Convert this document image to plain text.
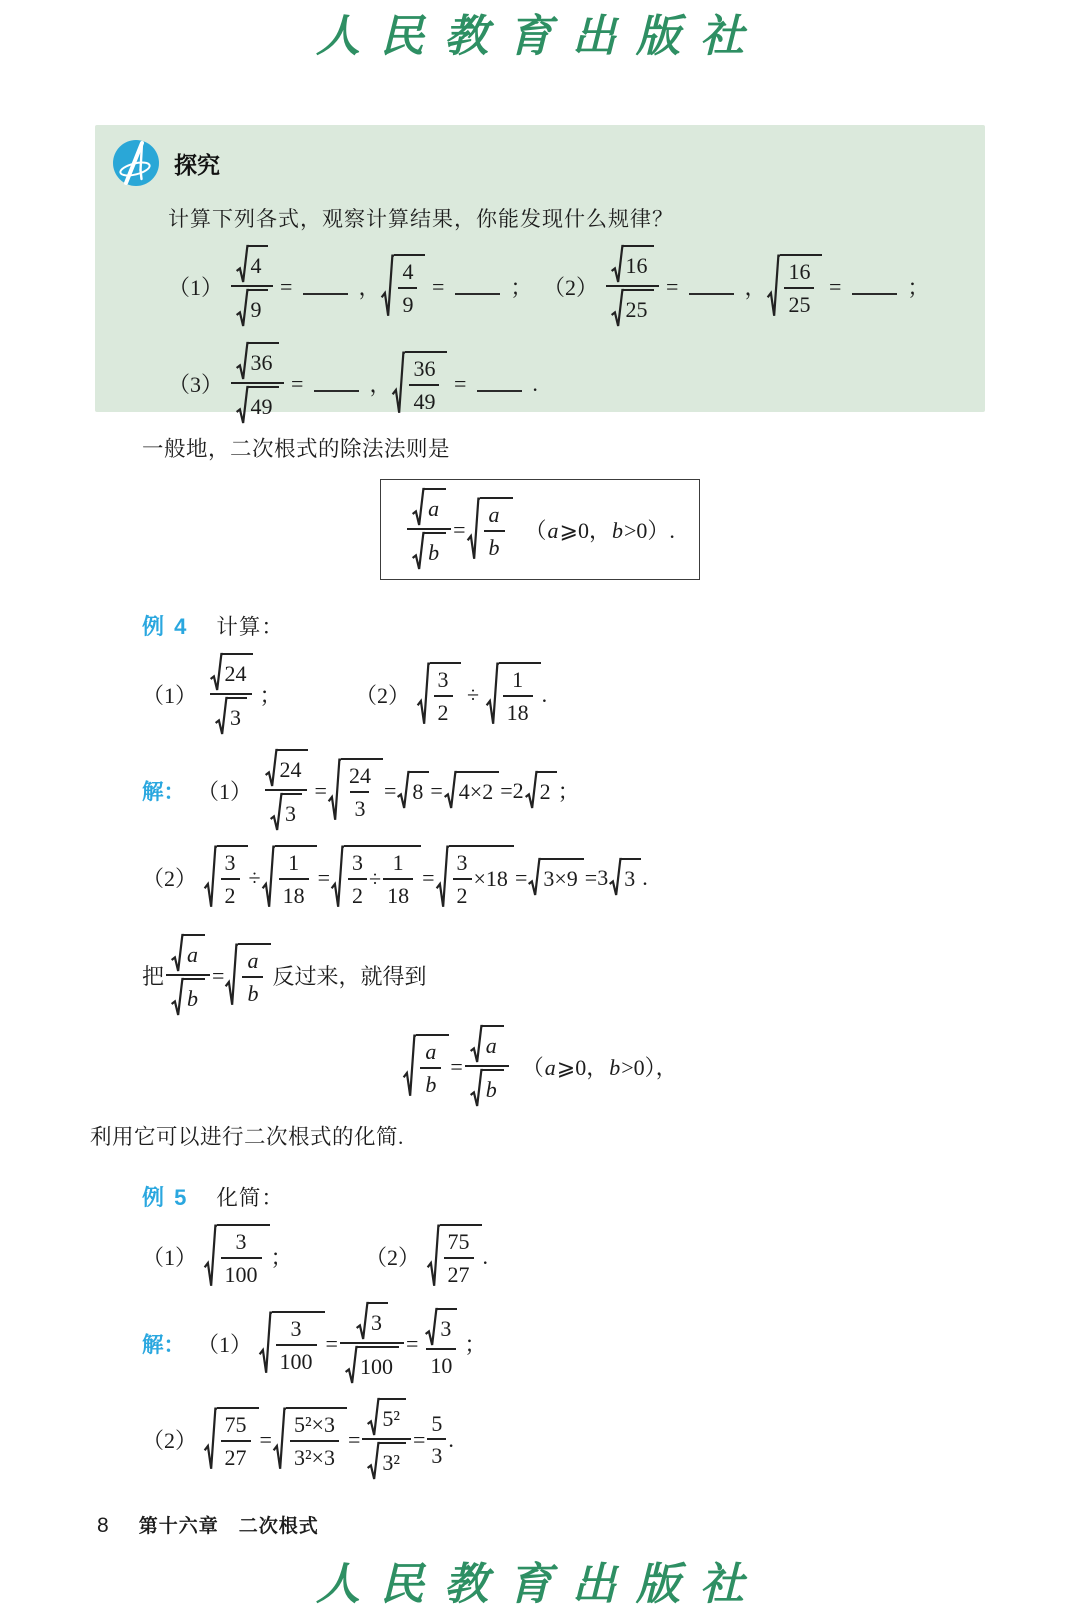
人民教育出版社
探究

计算下列各式，观察计算结果，你能发现什么规律？

$(1) \frac{4}{9}$ =	， $\frac{4}{9}$ =	； $(2) \frac{16}{25}$ =	， $\frac{16}{25}$ =	；
$(3) \frac{36}{49}$ =	， $\frac{36}{49}$ =	.

一般地，二次根式的除法法则是

$\frac{a}{b} = \frac{a}{b}$ （a⩾0，b>0）.
例 4 计算：
$(1) \frac{24}{3}$ ；	$(2) \frac{3}{2} \div \frac{1}{18}$ .
解： $(1) \frac{24}{3} = \frac{24}{3} = 8 = 4\times 2 =2$ 2 ；
$(2) \frac{3}{2} \div \frac{1}{18} = \frac{3}{2} \div \frac{1}{18} = \frac{3}{2} \times 18 = 3\times 9 =3$ 3 .
把 $\frac{a}{b} = \frac{a}{b}$ 反过来，就得到
$\frac{a}{b} = \frac{a}{b}$ （a⩾0，b>0），

利用它可以进行二次根式的化简.

例 5 化简：
$(1) \frac{3}{100}$ ；	$(2) \frac{75}{27}$ .
解： $(1) \frac{3}{100} = \frac{3}{100} = \frac{3}{10}$ ；
$(2) \frac{75}{27} = \frac{\text{5²×3}}{\text{3²×3}} = \frac{\text{5²}}{\text{3²}} = \frac{5}{3}$ .
8 第十六章　二次根式
人民教育出版社
